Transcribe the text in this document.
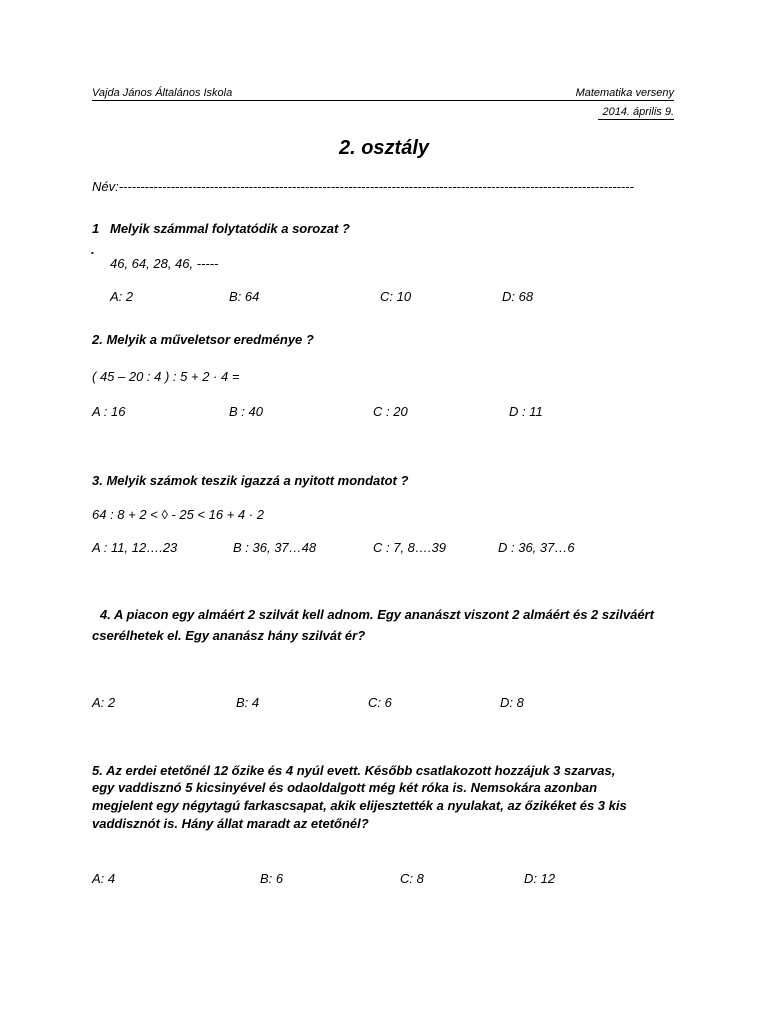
Vajda János Általános Iskola	Matematika verseny
2014. április 9.
2. osztály
Név:-----------------------------------------------------------------------------------------------------------------------
1 Melyik számmal folytatódik a sorozat ?
.
46, 64, 28, 46, -----
A: 2	B: 64	C: 10	D: 68
2. Melyik a műveletsor eredménye ?
( 45 – 20 : 4 ) : 5 + 2 · 4 =
A : 16	B : 40	C : 20	D : 11
3. Melyik számok teszik igazzá a nyitott mondatot ?
64 : 8 + 2 < ◊ - 25 < 16 + 4 · 2
A : 11, 12….23	B : 36, 37…48	C : 7, 8….39	D : 36, 37…6
4. A piacon egy almáért 2 szilvát kell adnom. Egy ananászt viszont 2 almáért és 2 szilváért
cserélhetek el. Egy ananász hány szilvát ér?
A: 2	B: 4	C: 6	D: 8
5. Az erdei etetőnél 12 őzike és 4 nyúl evett. Később csatlakozott hozzájuk 3 szarvas,
egy vaddisznó 5 kicsinyével és odaoldalgott még két róka is. Nemsokára azonban
megjelent egy négytagú farkascsapat, akik elijesztették a nyulakat, az őzikéket és 3 kis
vaddisznót is. Hány állat maradt az etetőnél?
A: 4	B: 6	C: 8	D: 12
